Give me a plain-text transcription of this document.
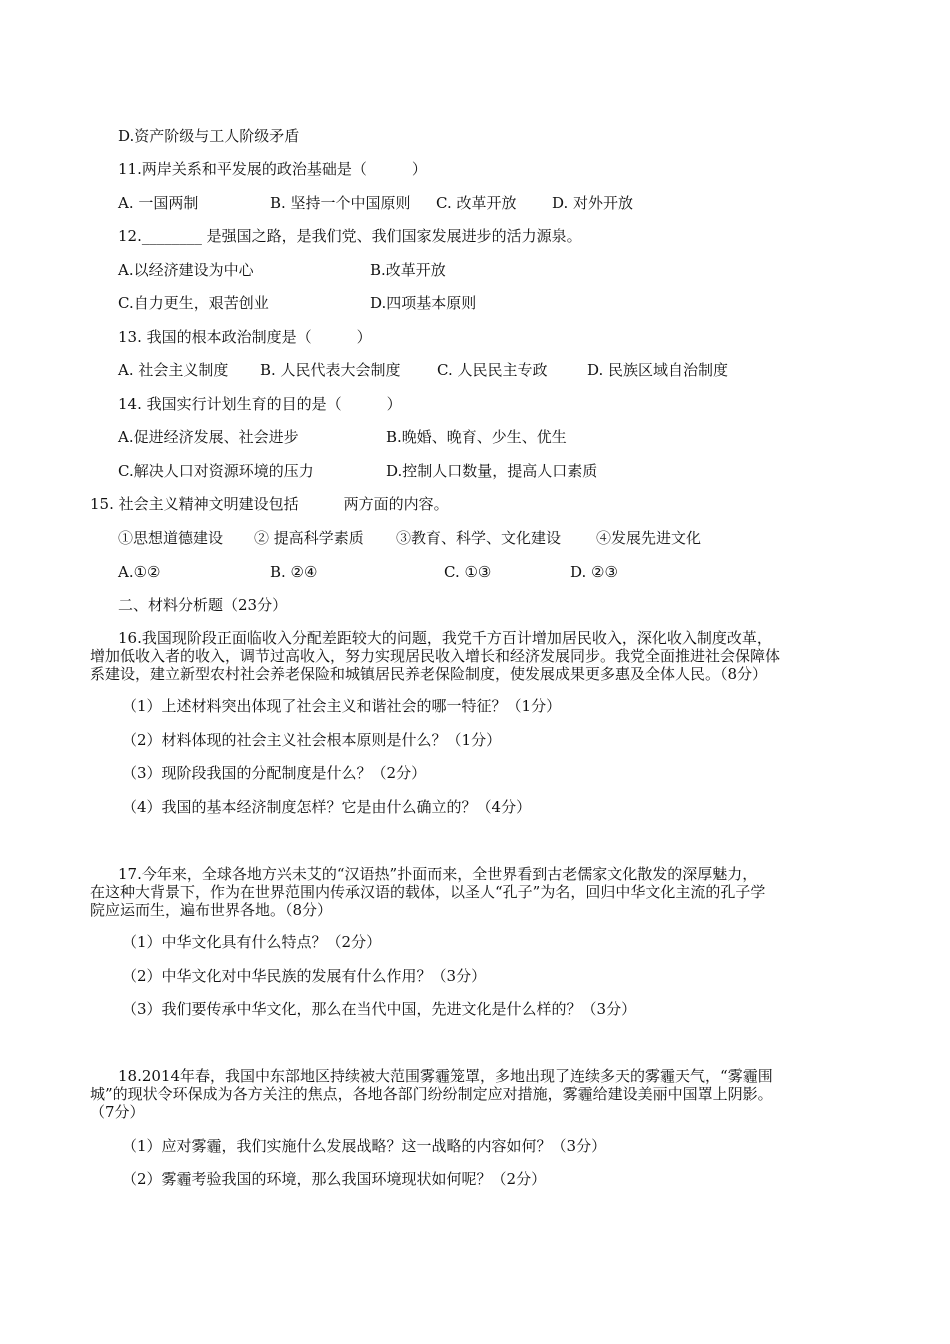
D.资产阶级与工人阶级矛盾
11.两岸关系和平发展的政治基础是（　　　）
A. 一国两制	B. 坚持一个中国原则 C. 改革开放 D. 对外开放
12.________ 是强国之路，是我们党、我们国家发展进步的活力源泉。
A.以经济建设为中心	B.改革开放
C.自力更生，艰苦创业	D.四项基本原则
13. 我国的根本政治制度是（　　　）
A. 社会主义制度 B. 人民代表大会制度 C. 人民民主专政	D. 民族区域自治制度
14. 我国实行计划生育的目的是（　　　）
A.促进经济发展、社会进步	B.晚婚、晚育、少生、优生
C.解决人口对资源环境的压力	D.控制人口数量，提高人口素质
15. 社会主义精神文明建设包括　　　两方面的内容。
①思想道德建设 ② 提高科学素质 ③教育、科学、文化建设 ④发展先进文化
A.①②	B. ②④	C. ①③	D. ②③
二、材料分析题（23分）
16.我国现阶段正面临收入分配差距较大的问题，我党千方百计增加居民收入，深化收入制度改革，
增加低收入者的收入，调节过高收入，努力实现居民收入增长和经济发展同步。我党全面推进社会保障体
系建设，建立新型农村社会养老保险和城镇居民养老保险制度，使发展成果更多惠及全体人民。（8分）
（1）上述材料突出体现了社会主义和谐社会的哪一特征？（1分）
（2）材料体现的社会主义社会根本原则是什么？（1分）
（3）现阶段我国的分配制度是什么？（2分）
（4）我国的基本经济制度怎样？它是由什么确立的？（4分）
17.今年来，全球各地方兴未艾的“汉语热”扑面而来，全世界看到古老儒家文化散发的深厚魅力，
在这种大背景下，作为在世界范围内传承汉语的载体，以圣人“孔子”为名，回归中华文化主流的孔子学
院应运而生，遍布世界各地。（8分）
（1）中华文化具有什么特点？（2分）
（2）中华文化对中华民族的发展有什么作用？（3分）
（3）我们要传承中华文化，那么在当代中国，先进文化是什么样的？（3分）
18.2014年春，我国中东部地区持续被大范围雾霾笼罩，多地出现了连续多天的雾霾天气，“雾霾围
城”的现状令环保成为各方关注的焦点，各地各部门纷纷制定应对措施，雾霾给建设美丽中国罩上阴影。
（7分）
（1）应对雾霾，我们实施什么发展战略？这一战略的内容如何？（3分）
（2）雾霾考验我国的环境，那么我国环境现状如何呢？（2分）
